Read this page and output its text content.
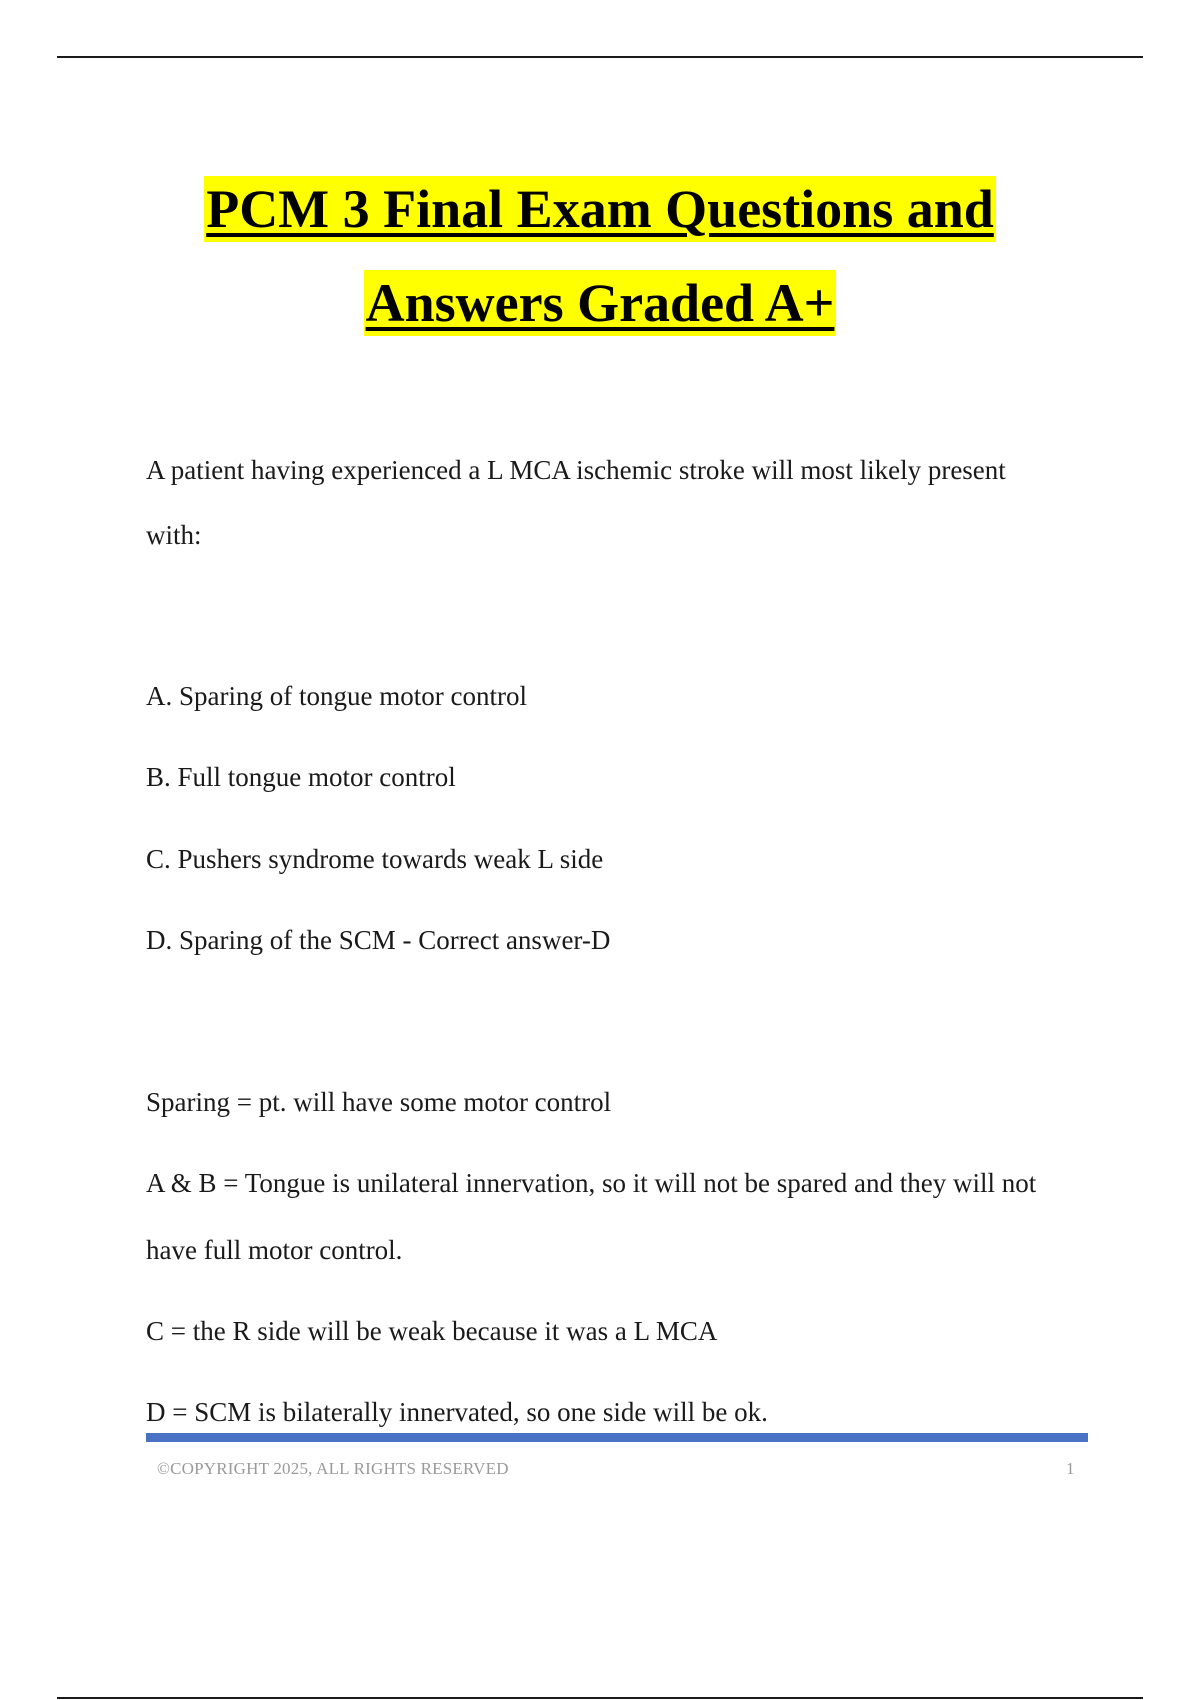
PCM 3 Final Exam Questions and
Answers Graded A+

A patient having experienced a L MCA ischemic stroke will most likely present

with:

A. Sparing of tongue motor control

B. Full tongue motor control

C. Pushers syndrome towards weak L side

D. Sparing of the SCM - Correct answer-D

Sparing = pt. will have some motor control

A & B = Tongue is unilateral innervation, so it will not be spared and they will not

have full motor control.

C = the R side will be weak because it was a L MCA

D = SCM is bilaterally innervated, so one side will be ok.

©COPYRIGHT 2025, ALL RIGHTS RESERVED	1
